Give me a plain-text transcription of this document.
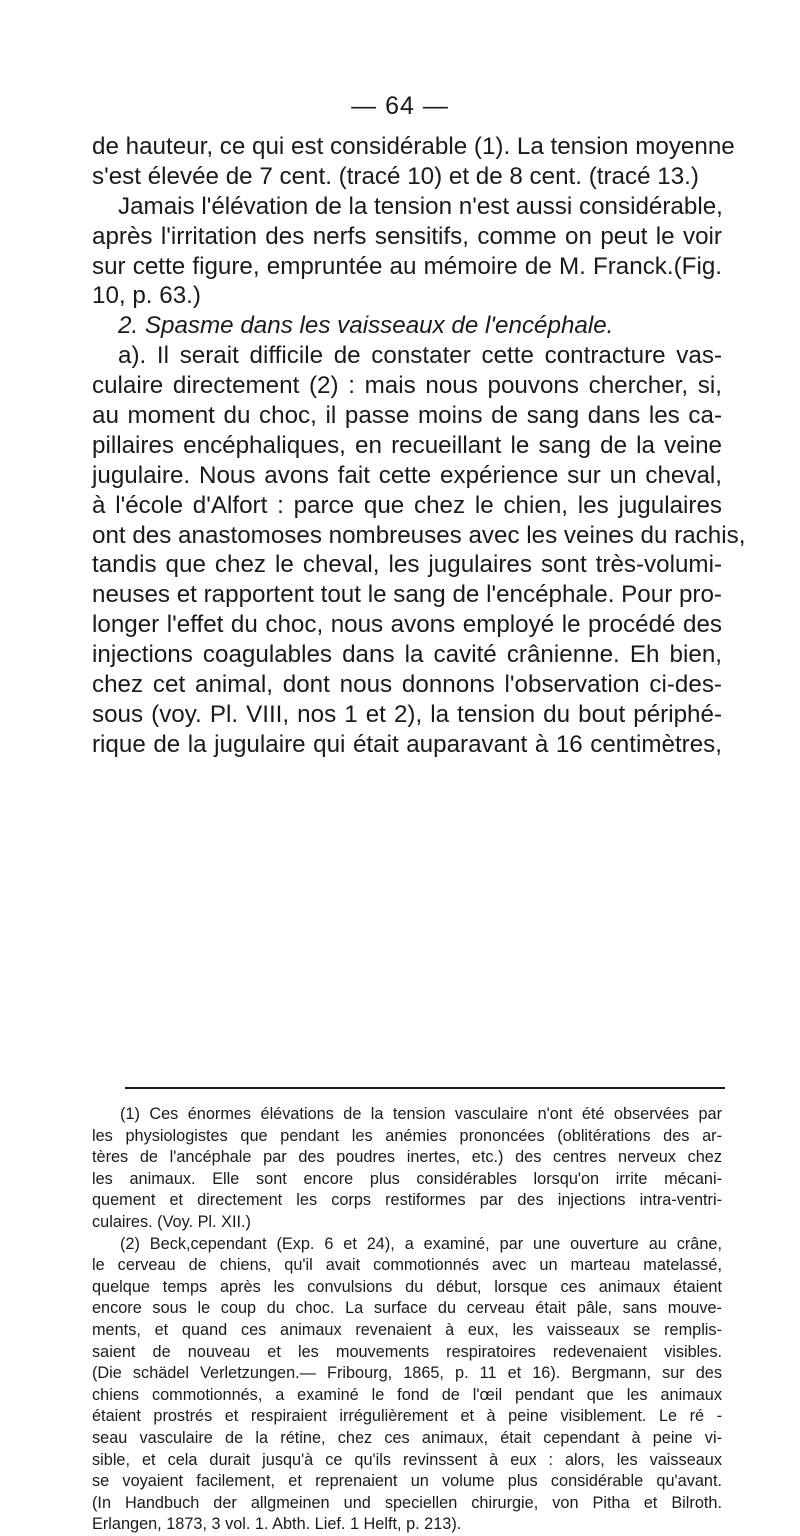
— 64 —
de hauteur, ce qui est considérable (1). La tension moyenne
s'est élevée de 7 cent. (tracé 10) et de 8 cent. (tracé 13.)
Jamais l'élévation de la tension n'est aussi considérable,
après l'irritation des nerfs sensitifs, comme on peut le voir
sur cette figure, empruntée au mémoire de M. Franck.(Fig.
10, p. 63.)
2. Spasme dans les vaisseaux de l'encéphale.
a). Il serait difficile de constater cette contracture vas-
culaire directement (2) : mais nous pouvons chercher, si,
au moment du choc, il passe moins de sang dans les ca-
pillaires encéphaliques, en recueillant le sang de la veine
jugulaire. Nous avons fait cette expérience sur un cheval,
à l'école d'Alfort : parce que chez le chien, les jugulaires
ont des anastomoses nombreuses avec les veines du rachis,
tandis que chez le cheval, les jugulaires sont très-volumi-
neuses et rapportent tout le sang de l'encéphale. Pour pro-
longer l'effet du choc, nous avons employé le procédé des
injections coagulables dans la cavité crânienne. Eh bien,
chez cet animal, dont nous donnons l'observation ci-des-
sous (voy. Pl. VIII, nos 1 et 2), la tension du bout périphé-
rique de la jugulaire qui était auparavant à 16 centimètres,
(1) Ces énormes élévations de la tension vasculaire n'ont été observées par
les physiologistes que pendant les anémies prononcées (oblitérations des ar-
tères de l'ancéphale par des poudres inertes, etc.) des centres nerveux chez
les animaux. Elle sont encore plus considérables lorsqu'on irrite mécani-
quement et directement les corps restiformes par des injections intra-ventri-
culaires. (Voy. Pl. XII.)
(2) Beck,cependant (Exp. 6 et 24), a examiné, par une ouverture au crâne,
le cerveau de chiens, qu'il avait commotionnés avec un marteau matelassé,
quelque temps après les convulsions du début, lorsque ces animaux étaient
encore sous le coup du choc. La surface du cerveau était pâle, sans mouve-
ments, et quand ces animaux revenaient à eux, les vaisseaux se remplis-
saient de nouveau et les mouvements respiratoires redevenaient visibles.
(Die schädel Verletzungen.— Fribourg, 1865, p. 11 et 16). Bergmann, sur des
chiens commotionnés, a examiné le fond de l'œil pendant que les animaux
étaient prostrés et respiraient irrégulièrement et à peine visiblement. Le ré -
seau vasculaire de la rétine, chez ces animaux, était cependant à peine vi-
sible, et cela durait jusqu'à ce qu'ils revinssent à eux : alors, les vaisseaux
se voyaient facilement, et reprenaient un volume plus considérable qu'avant.
(In Handbuch der allgmeinen und speciellen chirurgie, von Pitha et Bilroth.
Erlangen, 1873, 3 vol. 1. Abth. Lief. 1 Helft, p. 213).
